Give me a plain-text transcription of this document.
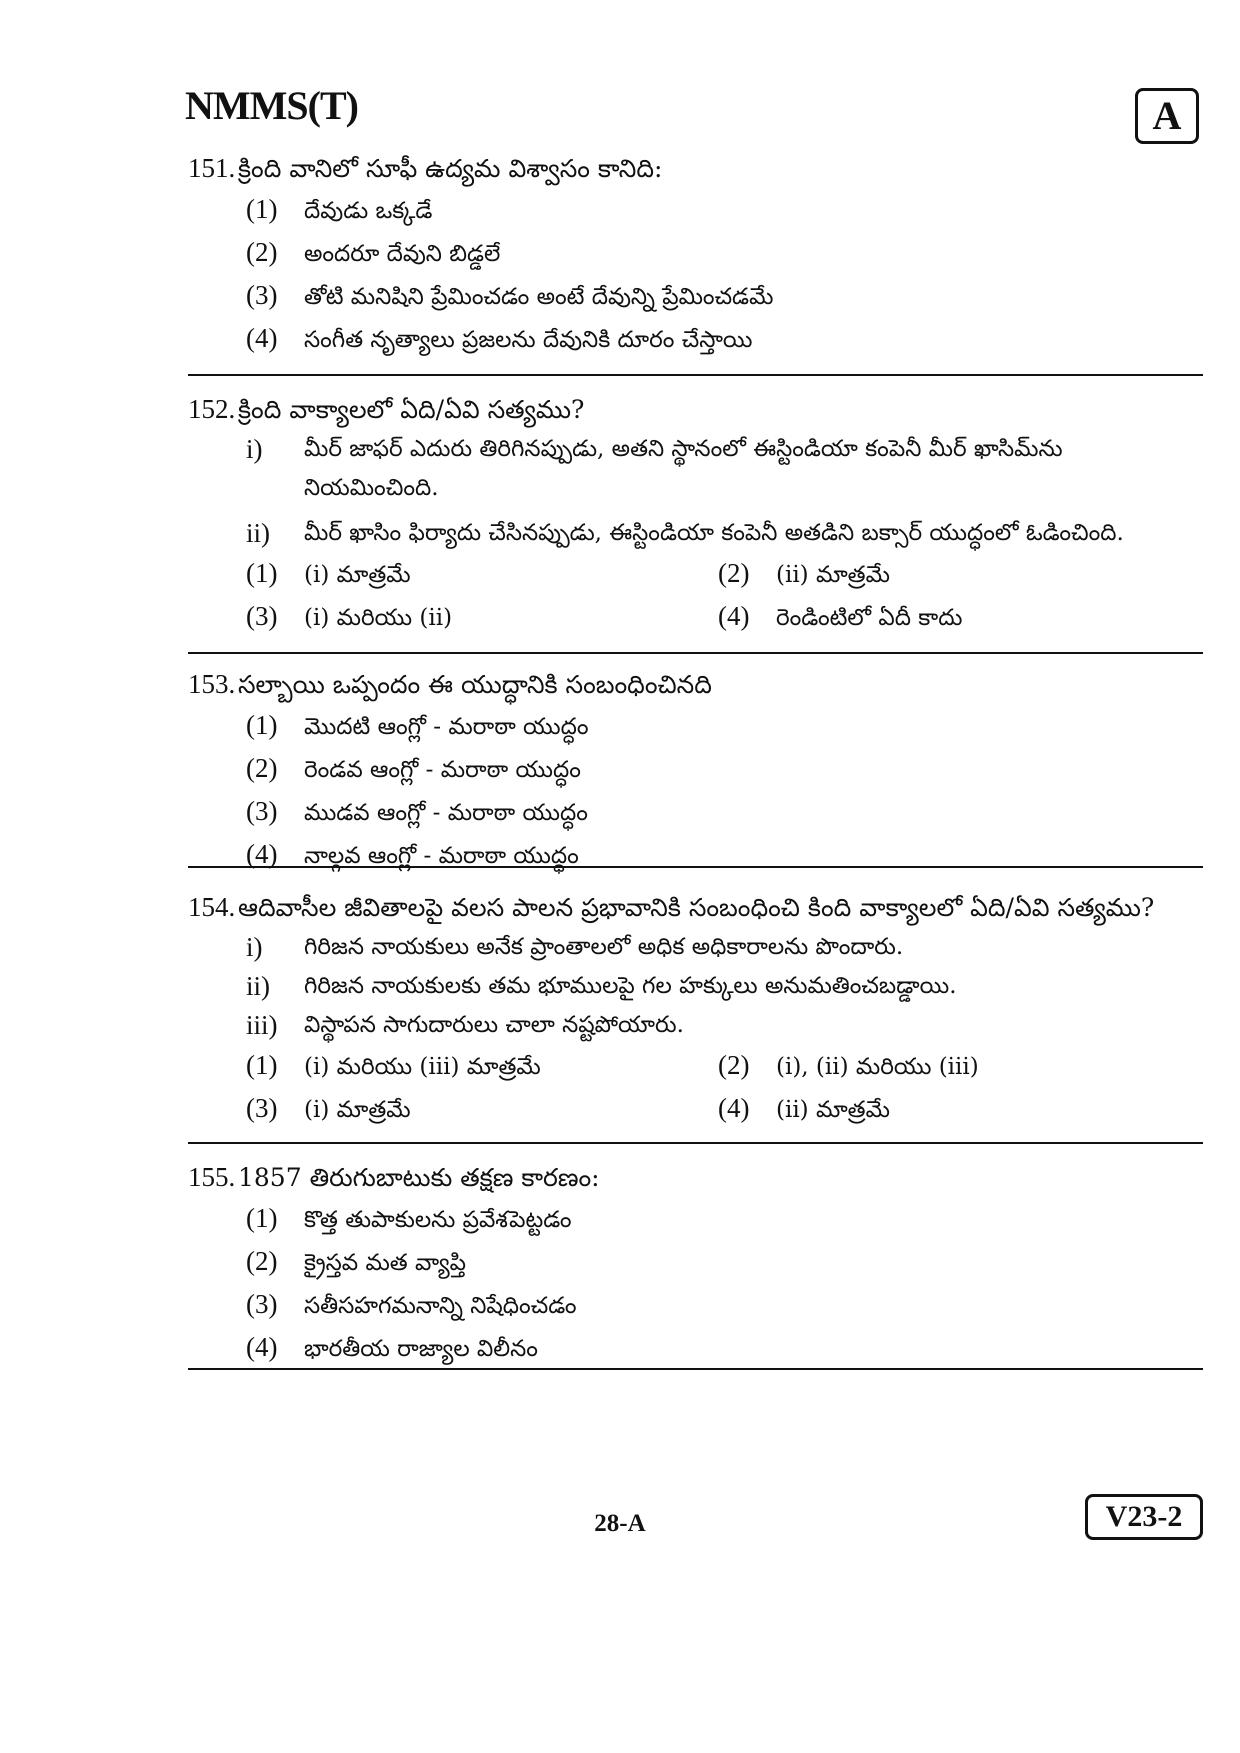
NMMS(T)	A
151. క్రింది వానిలో సూఫీ ఉద్యమ విశ్వాసం కానిది:
(1) దేవుడు ఒక్కడే
(2) అందరూ దేవుని బిడ్డలే
(3) తోటి మనిషిని ప్రేమించడం అంటే దేవున్ని ప్రేమించడమే
(4) సంగీత నృత్యాలు ప్రజలను దేవునికి దూరం చేస్తాయి
152. క్రింది వాక్యాలలో ఏది/ఏవి సత్యము?
i)	మీర్ జాఫర్ ఎదురు తిరిగినప్పుడు, అతని స్థానంలో ఈస్టిండియా కంపెనీ మీర్ ఖాసిమ్‌ను నియమించింది.
ii)	మీర్ ఖాసిం ఫిర్యాదు చేసినప్పుడు, ఈస్టిండియా కంపెనీ అతడిని బక్సార్ యుద్ధంలో ఓడించింది.
(1) (i) మాత్రమే	(2) (ii) మాత్రమే
(3) (i) మరియు (ii)	(4) రెండింటిలో ఏదీ కాదు
153. సల్బాయి ఒప్పందం ఈ యుద్ధానికి సంబంధించినది
(1) మొదటి ఆంగ్లో - మరాఠా యుద్ధం
(2) రెండవ ఆంగ్లో - మరాఠా యుద్ధం
(3) ముడవ ఆంగ్లో - మరాఠా యుద్ధం
(4) నాల్గవ ఆంగ్లో - మరాఠా యుద్ధం
154. ఆదివాసీల జీవితాలపై వలస పాలన ప్రభావానికి సంబంధించి కింది వాక్యాలలో ఏది/ఏవి సత్యము?
i)	గిరిజన నాయకులు అనేక ప్రాంతాలలో అధిక అధికారాలను పొందారు.
ii)	గిరిజన నాయకులకు తమ భూములపై గల హక్కులు అనుమతించబడ్డాయి.
iii)	విస్థాపన సాగుదారులు చాలా నష్టపోయారు.
(1) (i) మరియు (iii) మాత్రమే	(2) (i), (ii) మరియు (iii)
(3) (i) మాత్రమే	(4) (ii) మాత్రమే
155. 1857 తిరుగుబాటుకు తక్షణ కారణం:
(1) కొత్త తుపాకులను ప్రవేశపెట్టడం
(2) క్రైస్తవ మత వ్యాప్తి
(3) సతీసహగమనాన్ని నిషేధించడం
(4) భారతీయ రాజ్యాల విలీనం
28-A	V23-2
